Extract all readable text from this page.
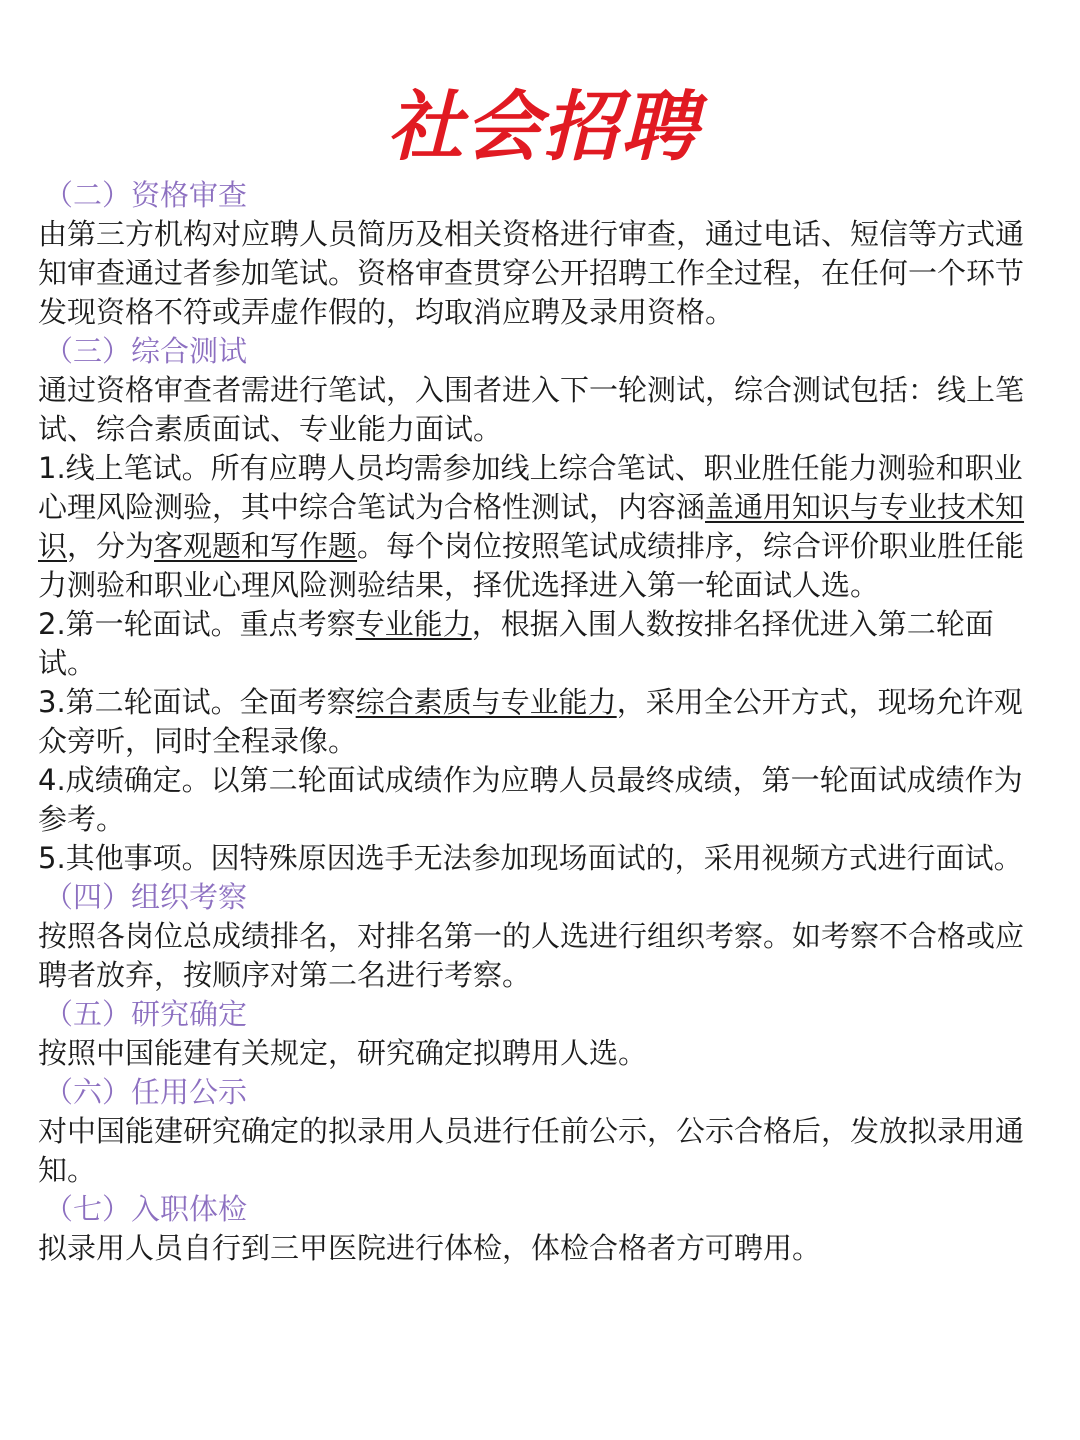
社会招聘
（二）资格审查

由第三方机构对应聘人员简历及相关资格进行审查，通过电话、短信等方式通知审查通过者参加笔试。资格审查贯穿公开招聘工作全过程，在任何一个环节发现资格不符或弄虚作假的，均取消应聘及录用资格。

（三）综合测试

通过资格审查者需进行笔试，入围者进入下一轮测试，综合测试包括：线上笔试、综合素质面试、专业能力面试。

1.线上笔试。所有应聘人员均需参加线上综合笔试、职业胜任能力测验和职业心理风险测验，其中综合笔试为合格性测试，内容涵盖通用知识与专业技术知识，分为客观题和写作题。每个岗位按照笔试成绩排序，综合评价职业胜任能力测验和职业心理风险测验结果，择优选择进入第一轮面试人选。

2.第一轮面试。重点考察专业能力，根据入围人数按排名择优进入第二轮面试。

3.第二轮面试。全面考察综合素质与专业能力，采用全公开方式，现场允许观众旁听，同时全程录像。

4.成绩确定。以第二轮面试成绩作为应聘人员最终成绩，第一轮面试成绩作为参考。

5.其他事项。因特殊原因选手无法参加现场面试的，采用视频方式进行面试。

（四）组织考察

按照各岗位总成绩排名，对排名第一的人选进行组织考察。如考察不合格或应聘者放弃，按顺序对第二名进行考察。

（五）研究确定

按照中国能建有关规定，研究确定拟聘用人选。

（六）任用公示

对中国能建研究确定的拟录用人员进行任前公示，公示合格后，发放拟录用通知。

（七）入职体检

拟录用人员自行到三甲医院进行体检，体检合格者方可聘用。
